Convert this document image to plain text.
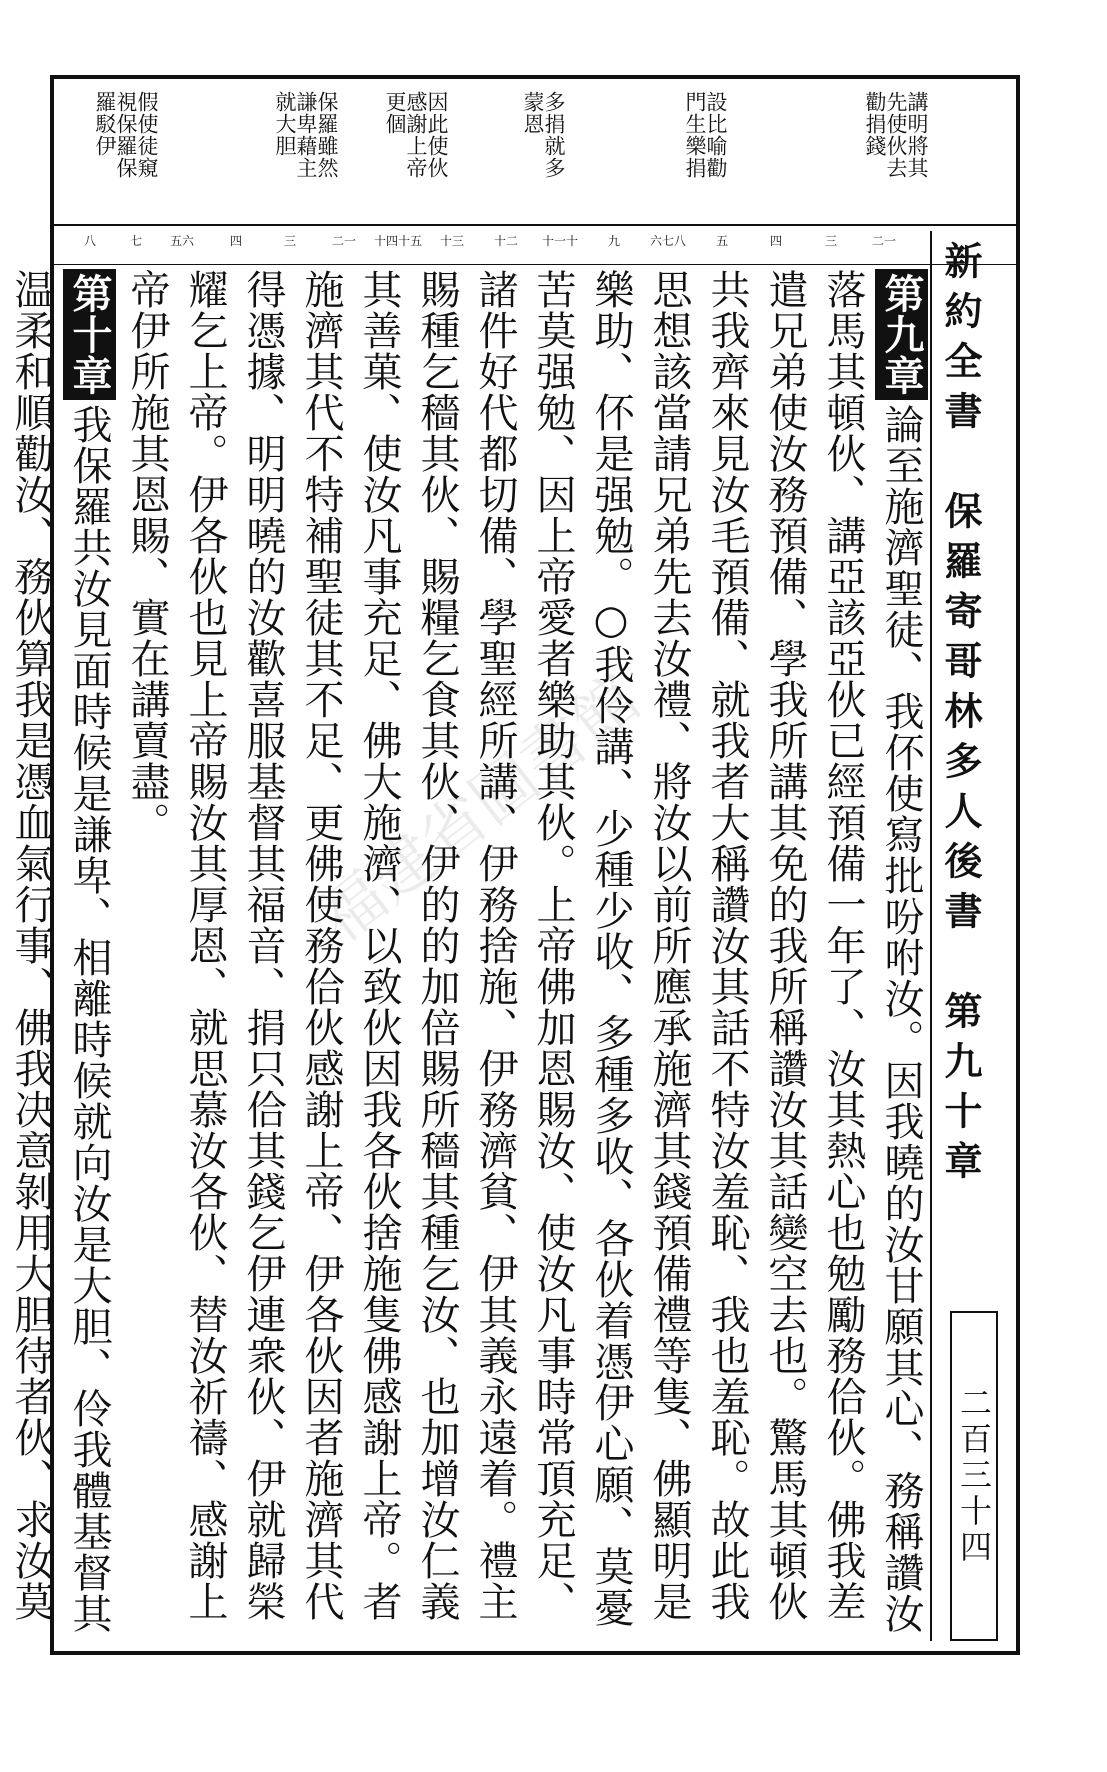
講明將其
先使伙去
勸捐錢
設比喻勸
門生樂捐
多捐就多
蒙恩
因此使伙
感謝上帝
更個
保羅雖然
謙卑藉主
就大胆
假使徒窺
視保羅保
羅駁伊
二一
三
四
五
六七八
九
十一十
十二
十三
十四十五
二一
三
四
五六
七
八	新約全書　保羅寄哥林多人後書　第九十章
二百三十四
第九章論至施濟聖徒、我伓使寫批吩咐汝。因我曉的汝甘願其心、務稱讚汝落馬其頓伙、講亞該亞伙已經預備一年了、汝其熱心也勉勵務佮伙。佛我差遣兄弟使汝務預備、學我所講其免的我所稱讚汝其話變空去也。驚馬其頓伙共我齊來見汝毛預備、就我者大稱讚汝其話不特汝羞恥、我也羞恥。故此我思想該當請兄弟先去汝禮、將汝以前所應承施濟其錢預備禮等隻、佛顯明是樂助、伓是强勉。○我伶講、少種少收、多種多收、各伙着憑伊心願、莫憂苦莫强勉、因上帝愛者樂助其伙。上帝佛加恩賜汝、使汝凡事時常頂充足、諸件好代都切備、學聖經所講、伊務捨施、伊務濟貧、伊其義永遠着。禮主賜種乞穡其伙、賜糧乞食其伙、伊的的加倍賜所穡其種乞汝、也加增汝仁義其善菓、使汝凡事充足、佛大施濟、以致伙因我各伙捨施隻佛感謝上帝。者施濟其代不特補聖徒其不足、更佛使務佮伙感謝上帝、伊各伙因者施濟其代得憑據、明明曉的汝歡喜服基督其福音、捐只佮其錢乞伊連衆伙、伊就歸榮耀乞上帝。伊各伙也見上帝賜汝其厚恩、就思慕汝各伙、替汝祈禱、感謝上帝伊所施其恩賜、實在講賣盡。
第十章我保羅共汝見面時候是謙卑、相離時候就向汝是大胆、伶我體基督其温柔和順勸汝、務伙算我是憑血氣行事、佛我决意剝用大胆待者伙、求汝莫
福建省圖書館
